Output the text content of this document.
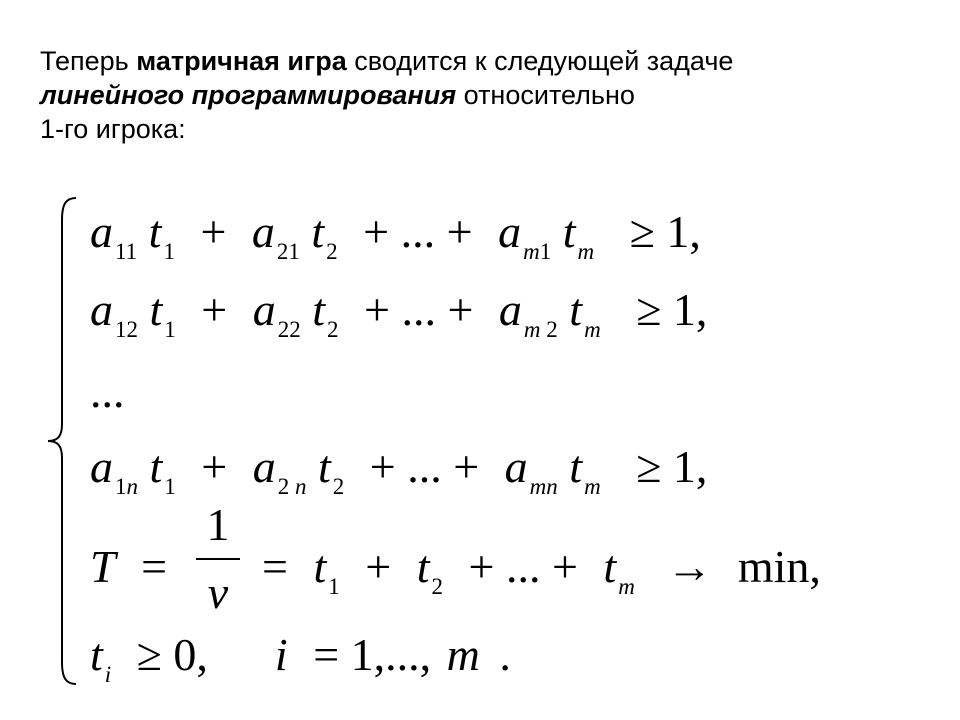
Теперь матричная игра сводится к следующей задаче
линейного программирования относительно
1-го игрока:
$a_{11}$ $t_1 + a_{21}$ $t_2$ + ... + $a_{m1}$ $t_m \ge 1$,
$a_{12}$ $t_1 + a_{22}$ $t_2$ + ... + $a_{m 2}$ $t_m \ge 1$,
...
$a_{1n}$ $t_1 + a_{2 n}$ $t_2$ + ... + $a_{mn}$ $t_m \ge 1$,
T = = $t_1 + t_2$ + ... + $t_m \to \min$,
1
v
$t_i \ge 0$, i = 1,..., m .
